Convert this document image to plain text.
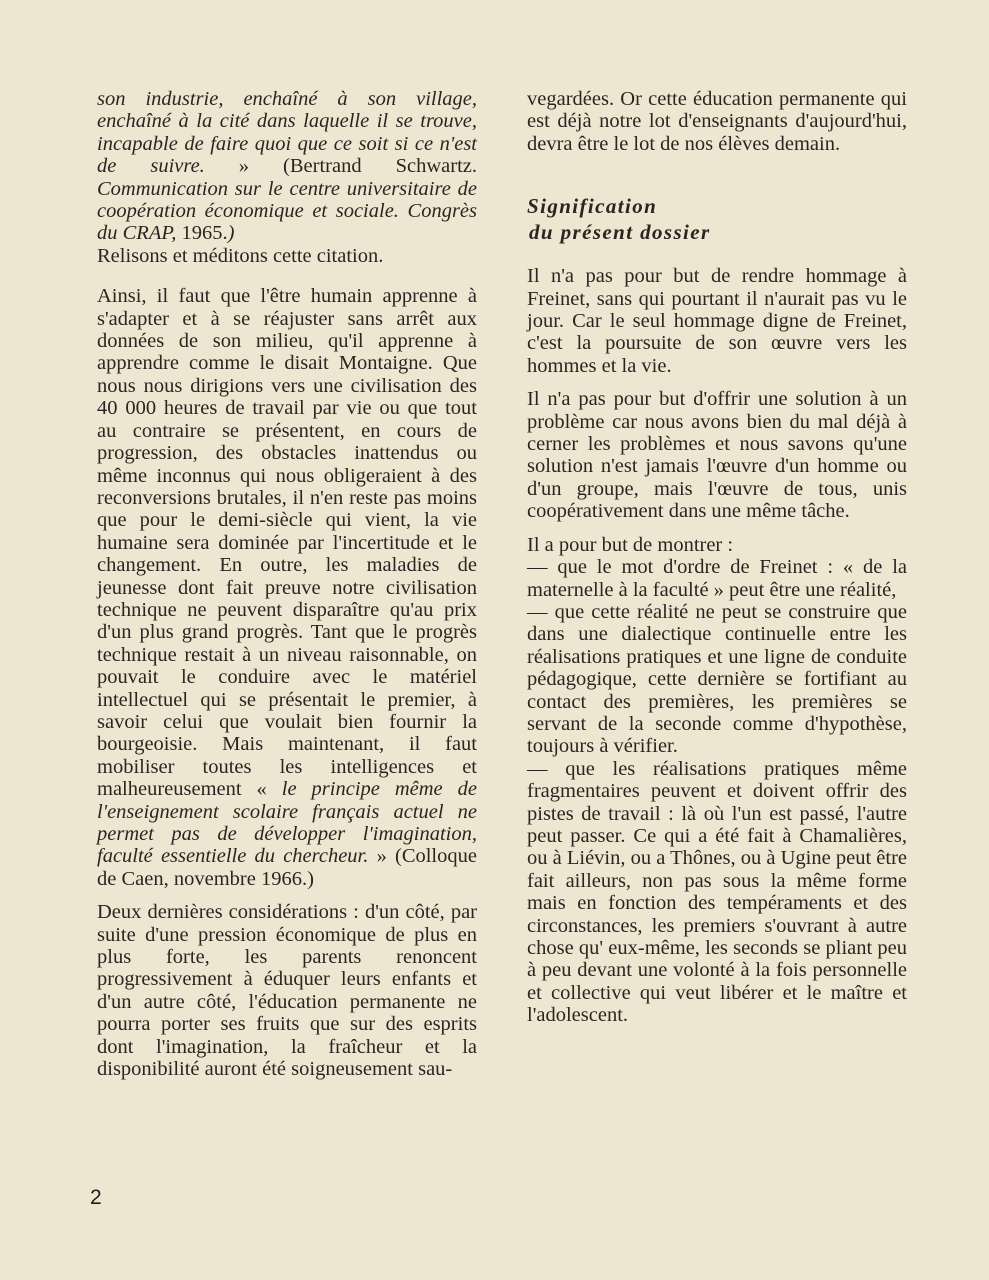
son industrie, enchaîné à son village, enchaîné à la cité dans laquelle il se trouve, incapable de faire quoi que ce soit si ce n'est de suivre. » (Bertrand Schwartz. Communication sur le centre universitaire de coopération économique et sociale. Congrès du CRAP, 1965.)
Relisons et méditons cette citation.

Ainsi, il faut que l'être humain apprenne à s'adapter et à se réajuster sans arrêt aux données de son milieu, qu'il apprenne à apprendre comme le disait Montaigne. Que nous nous dirigions vers une civilisation des 40 000 heures de travail par vie ou que tout au contraire se présentent, en cours de progression, des obstacles inattendus ou même inconnus qui nous obligeraient à des reconversions brutales, il n'en reste pas moins que pour le demi-siècle qui vient, la vie humaine sera dominée par l'incertitude et le changement. En outre, les maladies de jeunesse dont fait preuve notre civilisation technique ne peuvent disparaître qu'au prix d'un plus grand progrès. Tant que le progrès technique restait à un niveau raisonnable, on pouvait le conduire avec le matériel intellectuel qui se présentait le premier, à savoir celui que voulait bien fournir la bourgeoisie. Mais maintenant, il faut mobiliser toutes les intelligences et malheureusement « le principe même de l'enseignement scolaire français actuel ne permet pas de développer l'imagination, faculté essentielle du chercheur. » (Colloque de Caen, novembre 1966.)

Deux dernières considérations : d'un côté, par suite d'une pression économique de plus en plus forte, les parents renoncent progressivement à éduquer leurs enfants et d'un autre côté, l'éducation permanente ne pourra porter ses fruits que sur des esprits dont l'imagination, la fraîcheur et la disponibilité auront été soigneusement sau-

vegardées. Or cette éducation permanente qui est déjà notre lot d'enseignants d'aujourd'hui, devra être le lot de nos élèves demain.

Signification
du présent dossier

Il n'a pas pour but de rendre hommage à Freinet, sans qui pourtant il n'aurait pas vu le jour. Car le seul hommage digne de Freinet, c'est la poursuite de son œuvre vers les hommes et la vie.

Il n'a pas pour but d'offrir une solution à un problème car nous avons bien du mal déjà à cerner les problèmes et nous savons qu'une solution n'est jamais l'œuvre d'un homme ou d'un groupe, mais l'œuvre de tous, unis coopérativement dans une même tâche.

Il a pour but de montrer :

— que le mot d'ordre de Freinet : « de la maternelle à la faculté » peut être une réalité,

— que cette réalité ne peut se construire que dans une dialectique continuelle entre les réalisations pratiques et une ligne de conduite pédagogique, cette dernière se fortifiant au contact des premières, les premières se servant de la seconde comme d'hypothèse, toujours à vérifier.

— que les réalisations pratiques même fragmentaires peuvent et doivent offrir des pistes de travail : là où l'un est passé, l'autre peut passer. Ce qui a été fait à Chamalières, ou à Liévin, ou a Thônes, ou à Ugine peut être fait ailleurs, non pas sous la même forme mais en fonction des tempéraments et des circonstances, les premiers s'ouvrant à autre chose qu' eux-même, les seconds se pliant peu à peu devant une volonté à la fois personnelle et collective qui veut libérer et le maître et l'adolescent.

2
